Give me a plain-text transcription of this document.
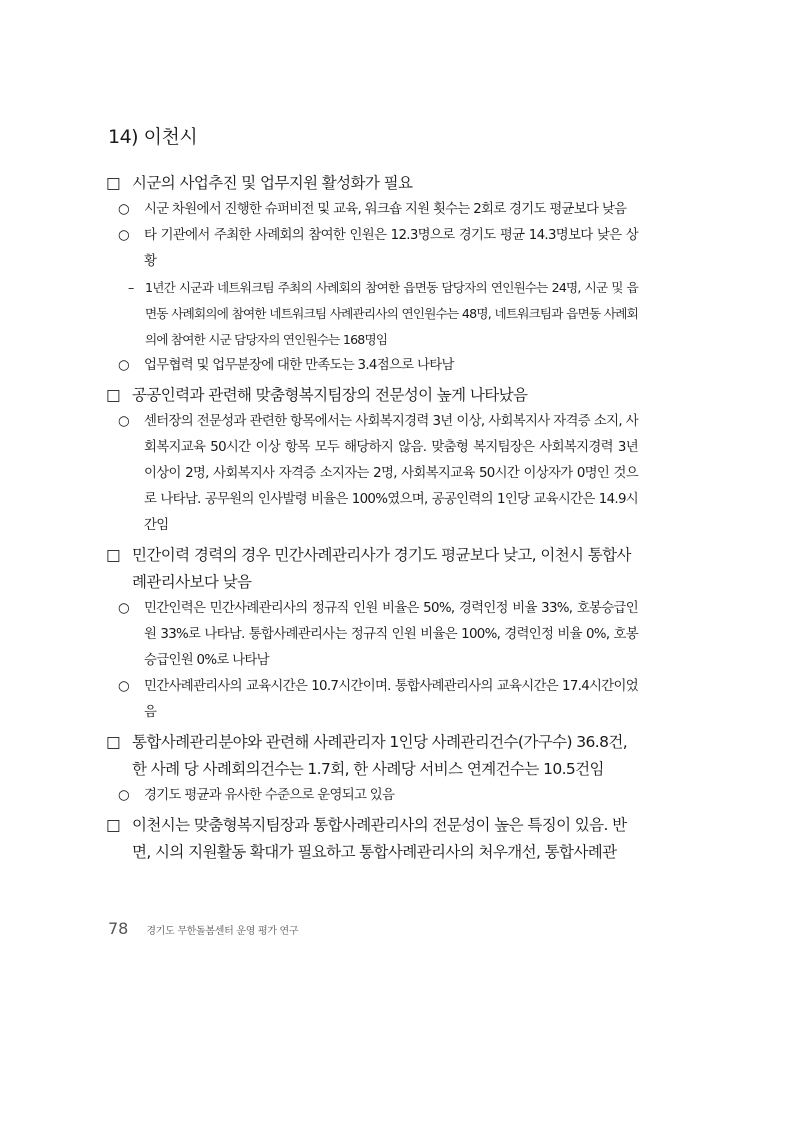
14) 이천시
□ 시군의 사업추진 및 업무지원 활성화가 필요
○	시군 차원에서 진행한 슈퍼비전 및 교육, 워크숍 지원 횟수는 2회로 경기도 평균보다 낮음
○	타 기관에서 주최한 사례회의 참여한 인원은 12.3명으로 경기도 평균 14.3명보다 낮은 상황
– 1년간 시군과 네트워크팀 주최의 사례회의 참여한 읍면동 담당자의 연인원수는 24명, 시군 및 읍면동 사례회의에 참여한 네트워크팀 사례관리사의 연인원수는 48명, 네트워크팀과 읍면동 사례회의에 참여한 시군 담당자의 연인원수는 168명임
○	업무협력 및 업무분장에 대한 만족도는 3.4점으로 나타남
□ 공공인력과 관련해 맞춤형복지팀장의 전문성이 높게 나타났음
○	센터장의 전문성과 관련한 항목에서는 사회복지경력 3년 이상, 사회복지사 자격증 소지, 사회복지교육 50시간 이상 항목 모두 해당하지 않음. 맞춤형 복지팀장은 사회복지경력 3년 이상이 2명, 사회복지사 자격증 소지자는 2명, 사회복지교육 50시간 이상자가 0명인 것으로 나타남. 공무원의 인사발령 비율은 100%였으며, 공공인력의 1인당 교육시간은 14.9시간임
□ 민간이력 경력의 경우 민간사례관리사가 경기도 평균보다 낮고, 이천시 통합사례관리사보다 낮음
○	민간인력은 민간사례관리사의 정규직 인원 비율은 50%, 경력인정 비율 33%, 호봉승급인원 33%로 나타남. 통합사례관리사는 정규직 인원 비율은 100%, 경력인정 비율 0%, 호봉승급인원 0%로 나타남
○	민간사례관리사의 교육시간은 10.7시간이며. 통합사례관리사의 교육시간은 17.4시간이었음
□ 통합사례관리분야와 관련해 사례관리자 1인당 사례관리건수(가구수) 36.8건, 한 사례 당 사례회의건수는 1.7회, 한 사례당 서비스 연계건수는 10.5건임
○	경기도 평균과 유사한 수준으로 운영되고 있음
□ 이천시는 맞춤형복지팀장과 통합사례관리사의 전문성이 높은 특징이 있음. 반면, 시의 지원활동 확대가 필요하고 통합사례관리사의 처우개선, 통합사례관
78 경기도 무한돌봄센터 운영 평가 연구
